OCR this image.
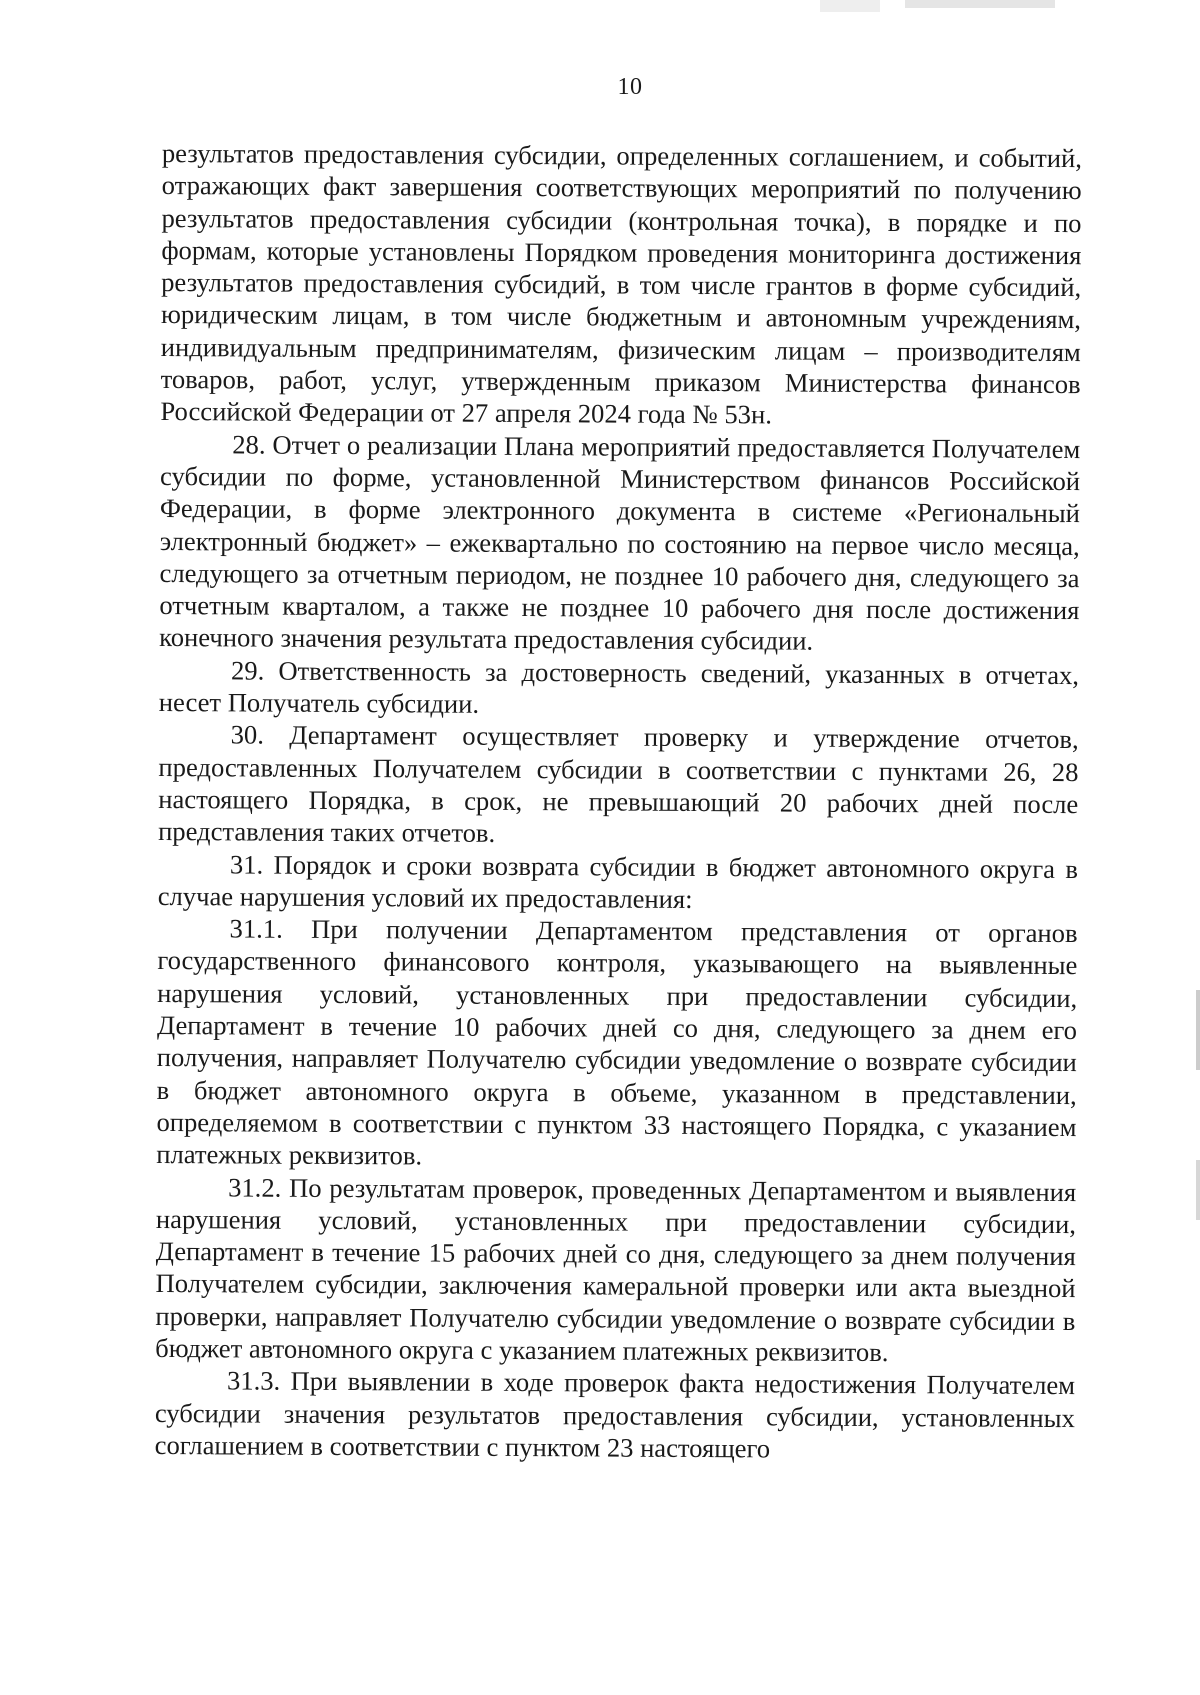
10

результатов предоставления субсидии, определенных соглашением, и событий, отражающих факт завершения соответствующих мероприятий по получению результатов предоставления субсидии (контрольная точка), в порядке и по формам, которые установлены Порядком проведения мониторинга достижения результатов предоставления субсидий, в том числе грантов в форме субсидий, юридическим лицам, в том числе бюджетным и автономным учреждениям, индивидуальным предпринимателям, физическим лицам – производителям товаров, работ, услуг, утвержденным приказом Министерства финансов Российской Федерации от 27 апреля 2024 года № 53н.

28. Отчет о реализации Плана мероприятий предоставляется Получателем субсидии по форме, установленной Министерством финансов Российской Федерации, в форме электронного документа в системе «Региональный электронный бюджет» – ежеквартально по состоянию на первое число месяца, следующего за отчетным периодом, не позднее 10 рабочего дня, следующего за отчетным кварталом, а также не позднее 10 рабочего дня после достижения конечного значения результата предоставления субсидии.

29. Ответственность за достоверность сведений, указанных в отчетах, несет Получатель субсидии.

30. Департамент осуществляет проверку и утверждение отчетов, предоставленных Получателем субсидии в соответствии с пунктами 26, 28 настоящего Порядка, в срок, не превышающий 20 рабочих дней после представления таких отчетов.

31. Порядок и сроки возврата субсидии в бюджет автономного округа в случае нарушения условий их предоставления:

31.1. При получении Департаментом представления от органов государственного финансового контроля, указывающего на выявленные нарушения условий, установленных при предоставлении субсидии, Департамент в течение 10 рабочих дней со дня, следующего за днем его получения, направляет Получателю субсидии уведомление о возврате субсидии в бюджет автономного округа в объеме, указанном в представлении, определяемом в соответствии с пунктом 33 настоящего Порядка, с указанием платежных реквизитов.

31.2. По результатам проверок, проведенных Департаментом и выявления нарушения условий, установленных при предоставлении субсидии, Департамент в течение 15 рабочих дней со дня, следующего за днем получения Получателем субсидии, заключения камеральной проверки или акта выездной проверки, направляет Получателю субсидии уведомление о возврате субсидии в бюджет автономного округа с указанием платежных реквизитов.

31.3. При выявлении в ходе проверок факта недостижения Получателем субсидии значения результатов предоставления субсидии, установленных соглашением в соответствии с пунктом 23 настоящего
